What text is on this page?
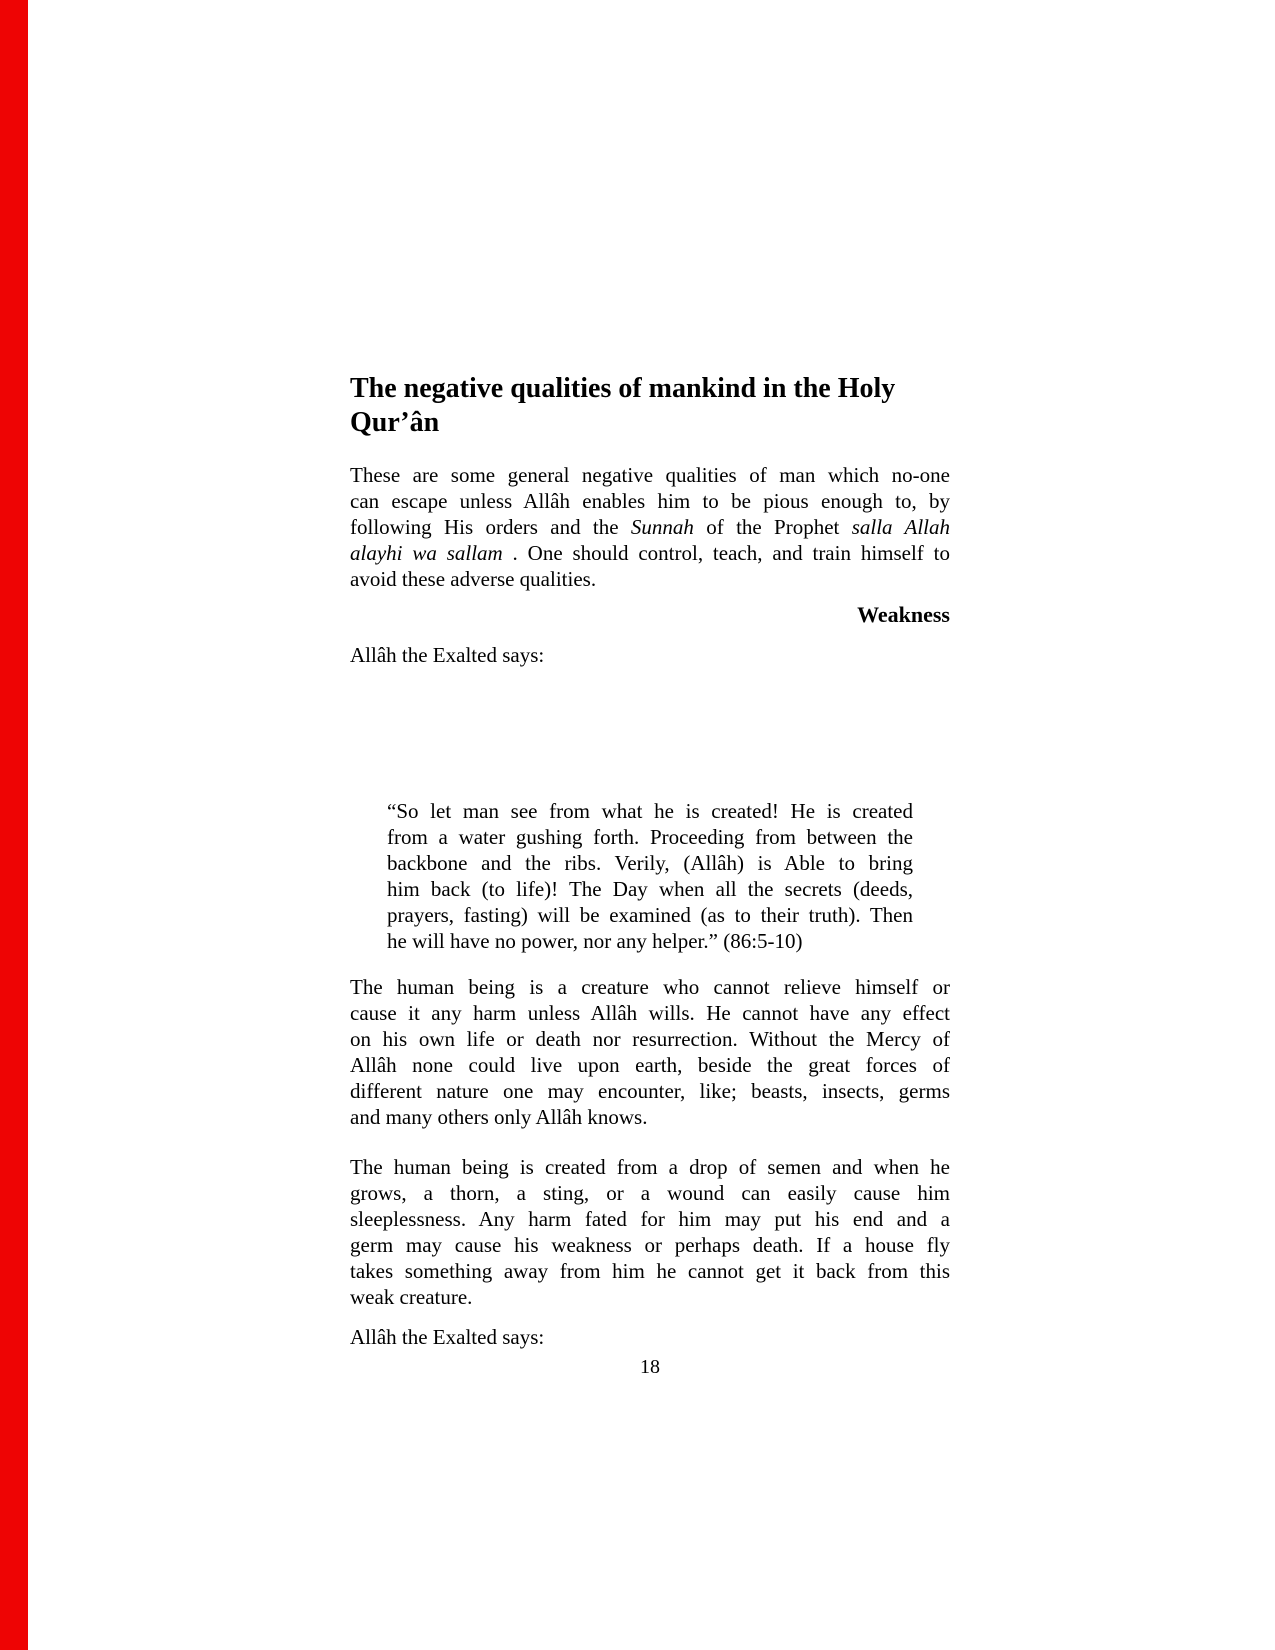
The negative qualities of mankind in the Holy Qur’ân
These are some general negative qualities of man which no-one
can escape unless Allâh enables him to be pious enough to, by
following His orders and the Sunnah of the Prophet salla Allah
alayhi wa sallam . One should control, teach, and train himself to
avoid these adverse qualities.
Weakness
Allâh the Exalted says:
“So let man see from what he is created! He is created
from a water gushing forth. Proceeding from between the
backbone and the ribs. Verily, (Allâh) is Able to bring
him back (to life)! The Day when all the secrets (deeds,
prayers, fasting) will be examined (as to their truth). Then
he will have no power, nor any helper.” (86:5-10)
The human being is a creature who cannot relieve himself or
cause it any harm unless Allâh wills. He cannot have any effect
on his own life or death nor resurrection. Without the Mercy of
Allâh none could live upon earth, beside the great forces of
different nature one may encounter, like; beasts, insects, germs
and many others only Allâh knows.
The human being is created from a drop of semen and when he
grows, a thorn, a sting, or a wound can easily cause him
sleeplessness. Any harm fated for him may put his end and a
germ may cause his weakness or perhaps death. If a house fly
takes something away from him he cannot get it back from this
weak creature.
Allâh the Exalted says:
18
